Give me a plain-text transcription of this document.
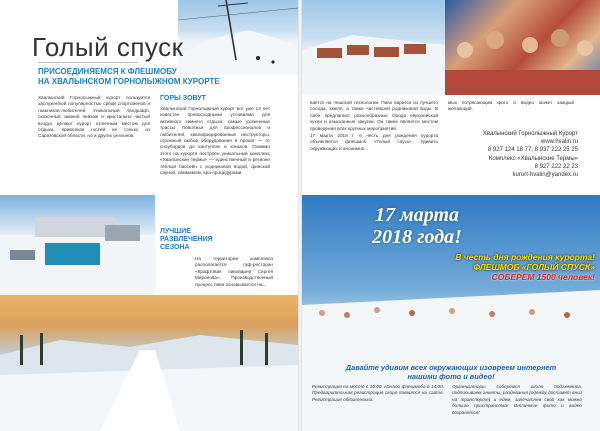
Голый спуск
ПРИСОЕДИНЯЕМСЯ К ФЛЕШМОБУ
НА ХВАЛЫНСКОМ ГОРНОЛЫЖНОМ КУРОРТЕ

Хвалынский Горнолыжный курорт пользуется заслуженной популярностью среди спортсменов и лыжников-любителей. Уникальный ландшафт, сказочный зимний пейзаж и кристально чистый воздух делают курорт отличным местом для отдыха, привлекая гостей не только из Саратовской области, но и других регионов.

ГОРЫ ЗОВУТ

Хвалынский Горнолыжный курорт вот уже 13 лет известен превосходными условиями для активного зимнего отдыха: самые ухоженные трассы Поволжья для профессионалов и любителей, квалифицированные инструкторы, огромный выбор оборудования в прокат — от сноубордов до кантуплек и коньков. Помимо этого на курорте построен уникальный комплекс «Хвалынские термы» — единственный в регионе тёплый бассейн с родниковой водой, финской сауной, хаммамом, spa-процедурами.

ЛУЧШИЕ
РАЗВЛЕЧЕНИЯ
СЕЗОНА

На территории комплекса располагается гаф-ресторан «Крафтовая пивоварня Сергея Миронова». Производственный процесс пива основывается на...

вается на чешской технологии. Пиво варится из лучшего солода, хмеля, а также чистейшей родниковой воды. В пабе предлагают разнообразные блюда европейской кухни и изысканные закуски. Он также является местом проведения всех крупных мероприятий.

17 марта 2018 г. в честь дня рождения курорта объявляется флешмоб «Голый спуск». Удивить окружающих и анонимно...

мых потрясающим фото и видео может каждый желающий.

Хвалынский Горнолыжный Курорт
www.hvalin.ru
8 927 124 18 77; 8 937 222 25 25
Комплекс «Хвалынские Термы»
8 927 222 22 23
kurort-hvalin@yandex.ru
17 марта
2018 года!
В честь дня рождения курорта!
ФЛЕШМОБ «ГОЛЫЙ СПУСК»
СОБЕРЕМ 1500 человек!
Давайте удивим всех окружающих изовреем интернет
нашими фото и видео!

Регистрация на месте с 10:00. Начало флешмоба в 14:00. Предварительная регистрация скоро появится на сайте. Регистрация обязательна.

Организаторы соберемся около подъемника, подписываем анкеты, раздевания (одежду доставят вниз на транспорте) и едем, запечатлев свой как можно больше пространства! Отличные фото и видео сохранятся!
